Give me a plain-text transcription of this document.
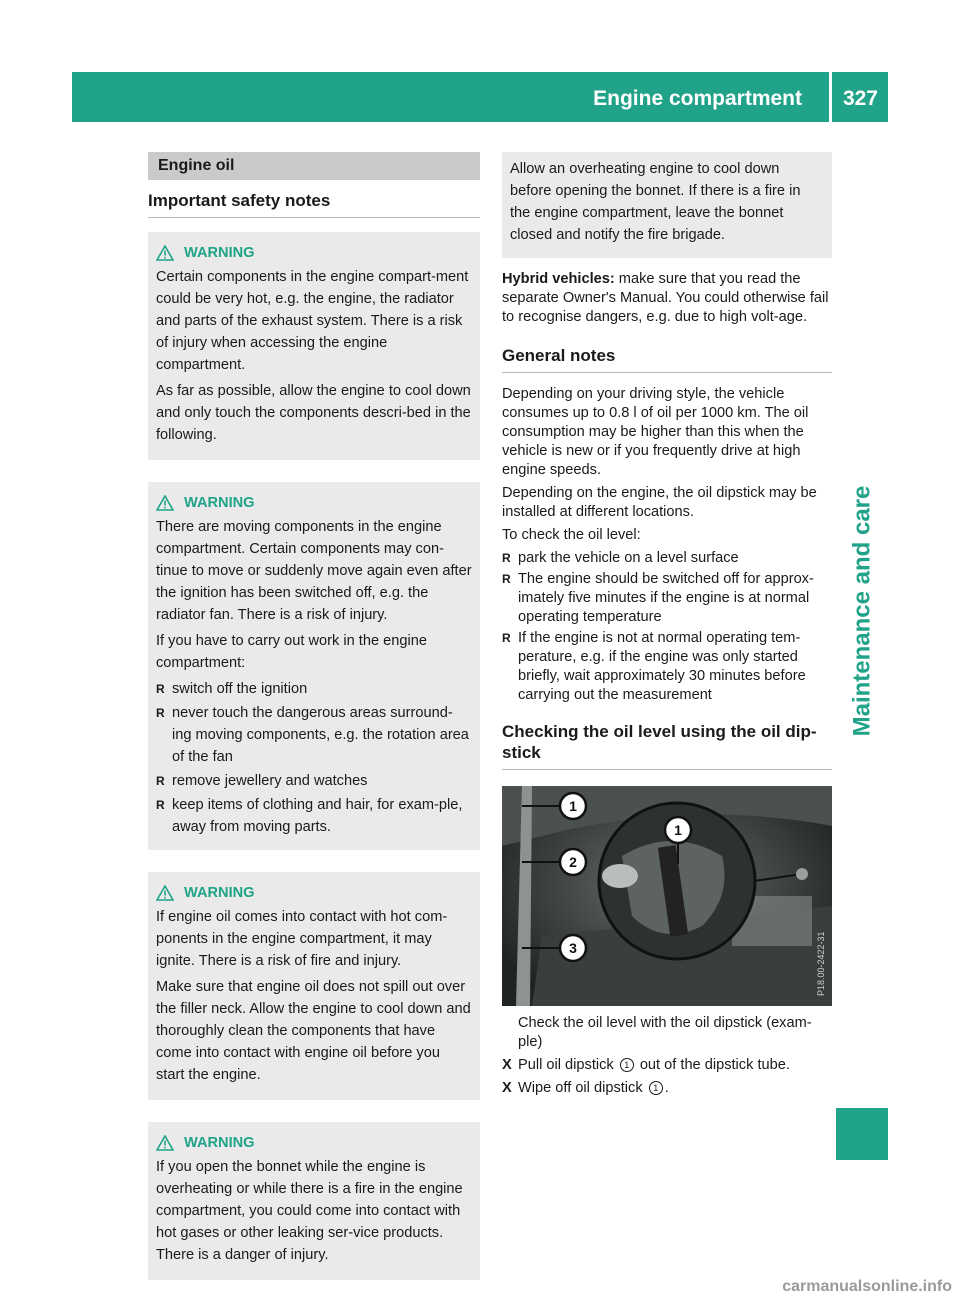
Engine compartment	327
Maintenance and care
Engine oil
Important safety notes
WARNING

Certain components in the engine compart-ment could be very hot, e.g. the engine, the radiator and parts of the exhaust system. There is a risk of injury when accessing the engine compartment.

As far as possible, allow the engine to cool down and only touch the components descri-bed in the following.

WARNING

There are moving components in the engine compartment. Certain components may con-tinue to move or suddenly move again even after the ignition has been switched off, e.g. the radiator fan. There is a risk of injury.

If you have to carry out work in the engine compartment:

R switch off the ignition
R never touch the dangerous areas surround-ing moving components, e.g. the rotation area of the fan
R remove jewellery and watches
R keep items of clothing and hair, for exam-ple, away from moving parts.
WARNING

If engine oil comes into contact with hot com-ponents in the engine compartment, it may ignite. There is a risk of fire and injury.

Make sure that engine oil does not spill out over the filler neck. Allow the engine to cool down and thoroughly clean the components that have come into contact with engine oil before you start the engine.

WARNING

If you open the bonnet while the engine is overheating or while there is a fire in the engine compartment, you could come into contact with hot gases or other leaking ser-vice products. There is a danger of injury.

Allow an overheating engine to cool down before opening the bonnet. If there is a fire in the engine compartment, leave the bonnet closed and notify the fire brigade.

Hybrid vehicles: make sure that you read the separate Owner's Manual. You could otherwise fail to recognise dangers, e.g. due to high volt-age.

General notes

Depending on your driving style, the vehicle consumes up to 0.8 l of oil per 1000 km. The oil consumption may be higher than this when the vehicle is new or if you frequently drive at high engine speeds.

Depending on the engine, the oil dipstick may be installed at different locations.

To check the oil level:

R park the vehicle on a level surface
R The engine should be switched off for approx-imately five minutes if the engine is at normal operating temperature
R If the engine is not at normal operating tem-perature, e.g. if the engine was only started briefly, wait approximately 30 minutes before carrying out the measurement
Checking the oil level using the oil dip-stick
1
2
3
1
P18.00-2422-31
Check the oil level with the oil dipstick (exam-ple)
X Pull oil dipstick 1 out of the dipstick tube.
X Wipe off oil dipstick 1 .
carmanualsonline.info
